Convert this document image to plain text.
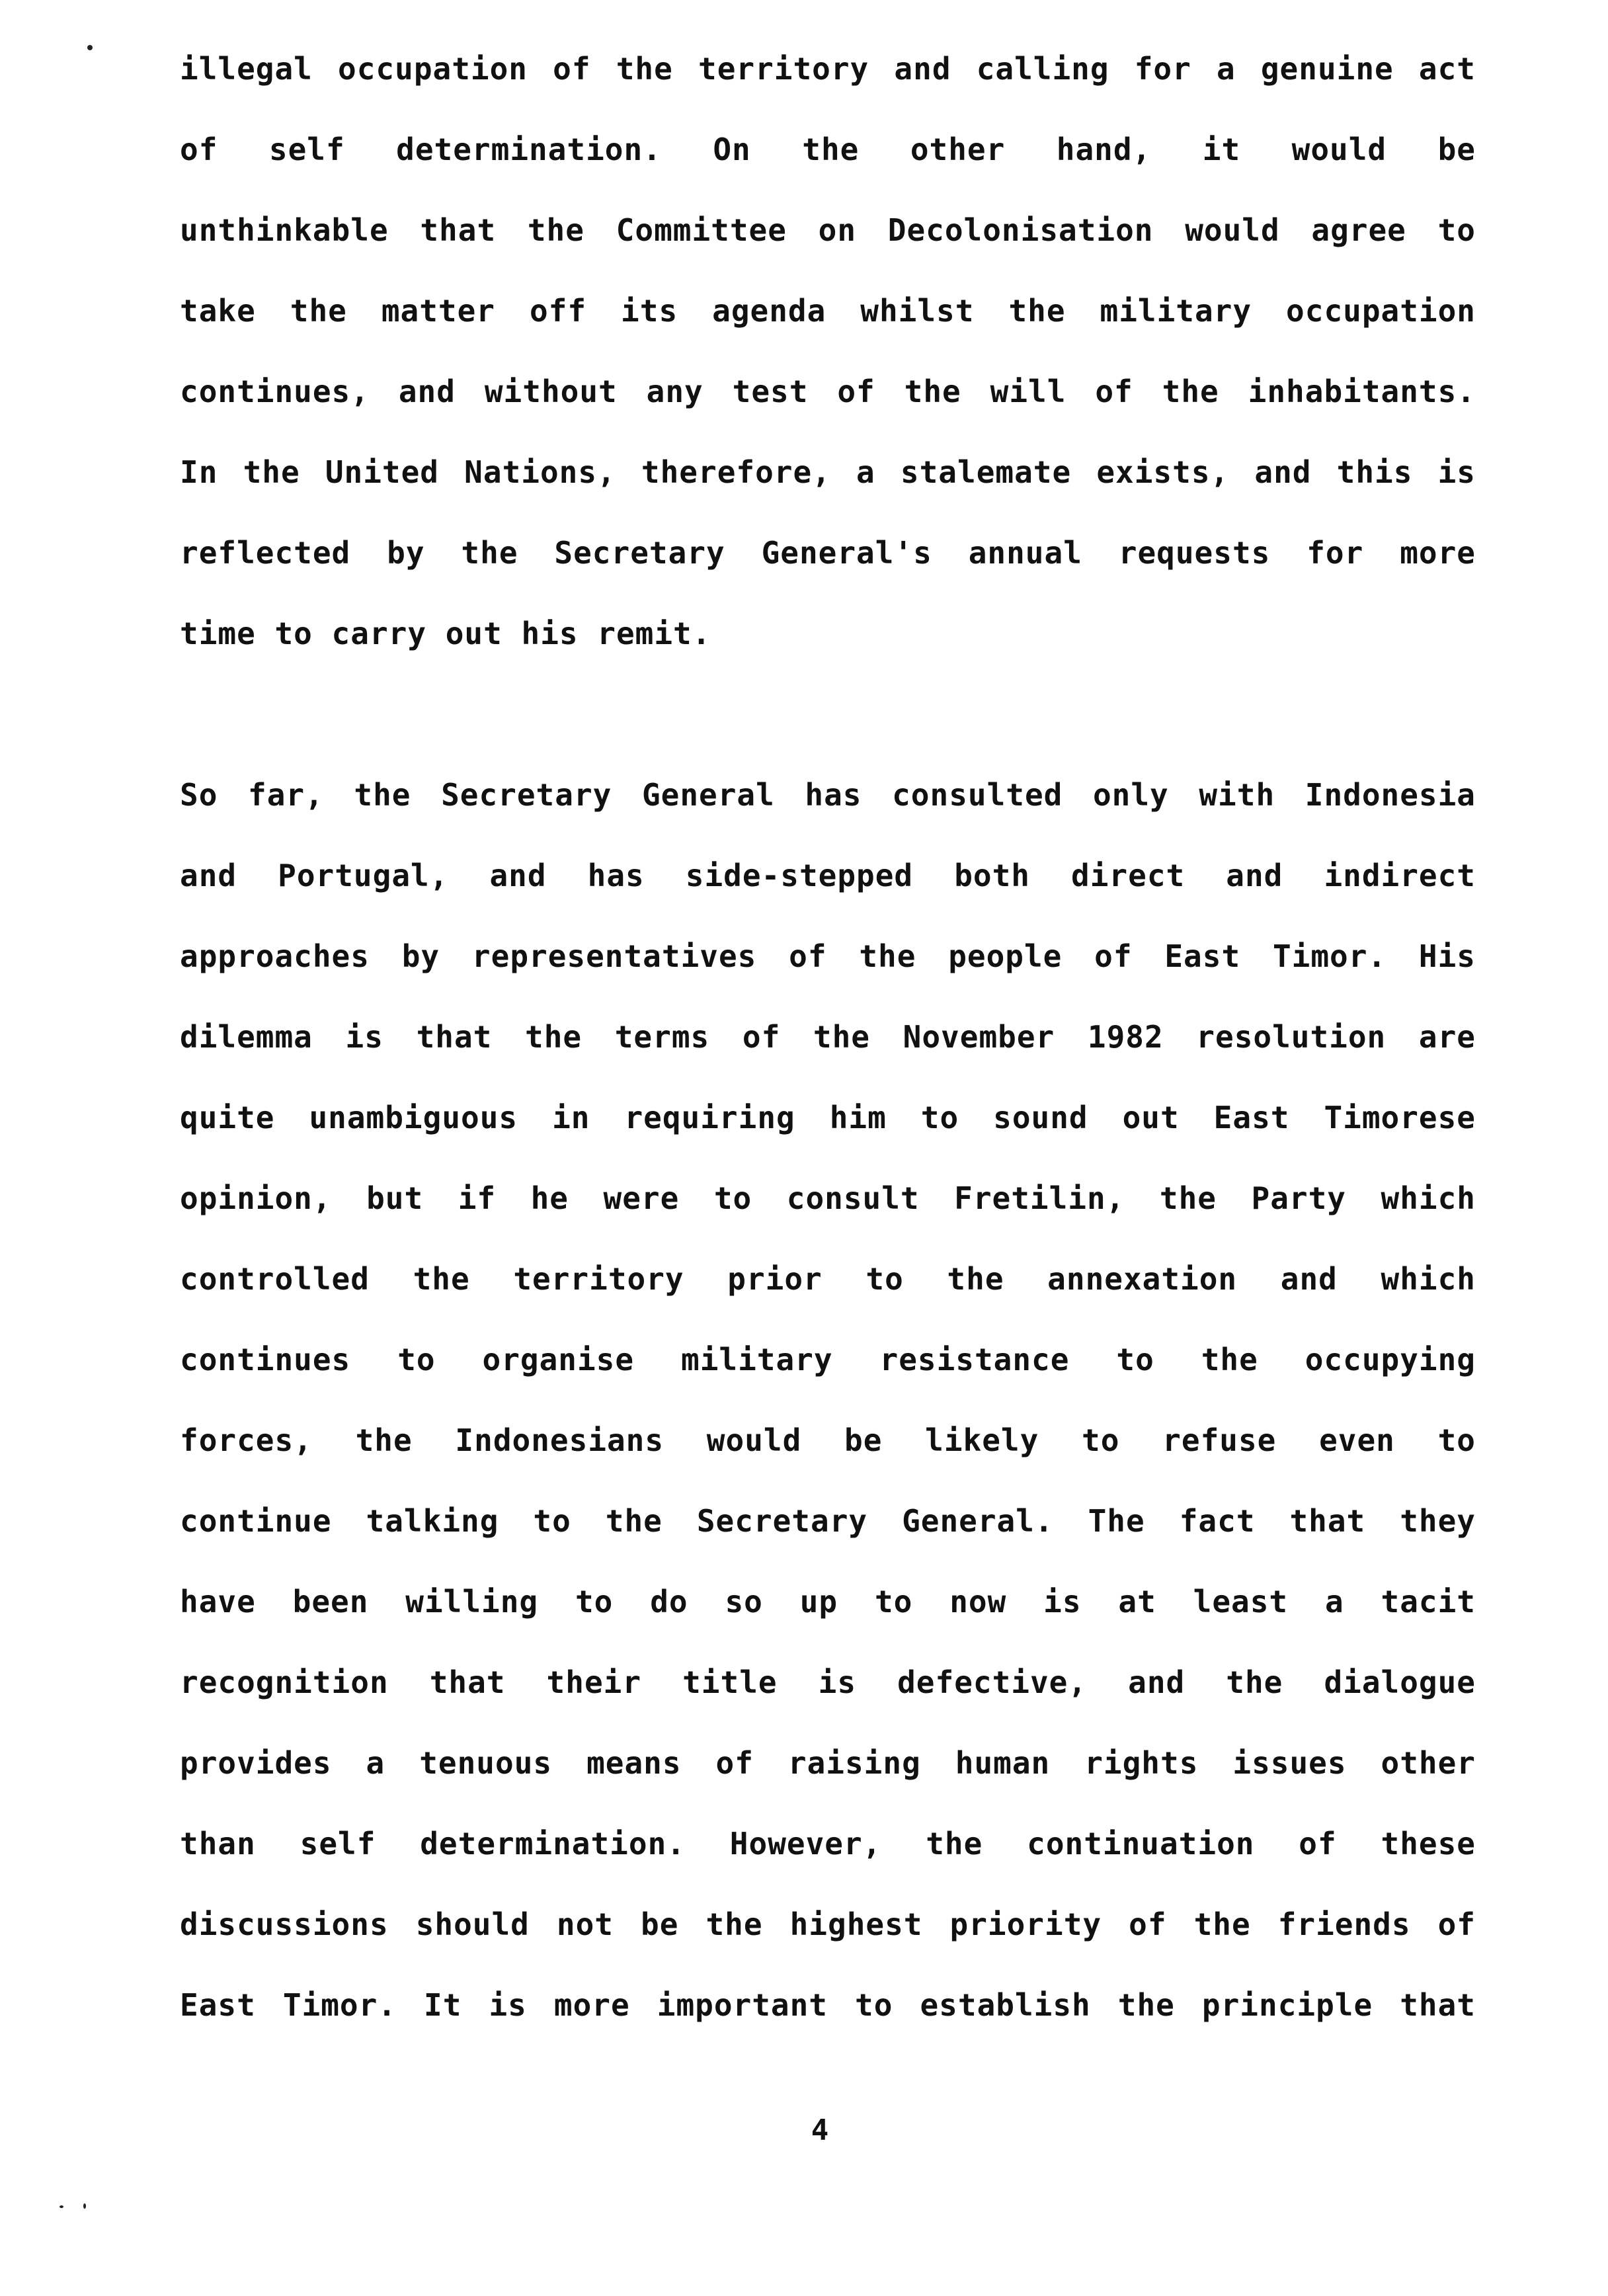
illegal occupation of the territory and calling for a genuine act
of self determination. On the other hand, it would be
unthinkable that the Committee on Decolonisation would agree to
take the matter off its agenda whilst the military occupation
continues, and without any test of the will of the inhabitants.
In the United Nations, therefore, a stalemate exists, and this is
reflected by the Secretary General's annual requests for more
time to carry out his remit.
So far, the Secretary General has consulted only with Indonesia
and Portugal, and has side-stepped both direct and indirect
approaches by representatives of the people of East Timor. His
dilemma is that the terms of the November 1982 resolution are
quite unambiguous in requiring him to sound out East Timorese
opinion, but if he were to consult Fretilin, the Party which
controlled the territory prior to the annexation and which
continues to organise military resistance to the occupying
forces, the Indonesians would be likely to refuse even to
continue talking to the Secretary General. The fact that they
have been willing to do so up to now is at least a tacit
recognition that their title is defective, and the dialogue
provides a tenuous means of raising human rights issues other
than self determination. However, the continuation of these
discussions should not be the highest priority of the friends of
East Timor. It is more important to establish the principle that
4
